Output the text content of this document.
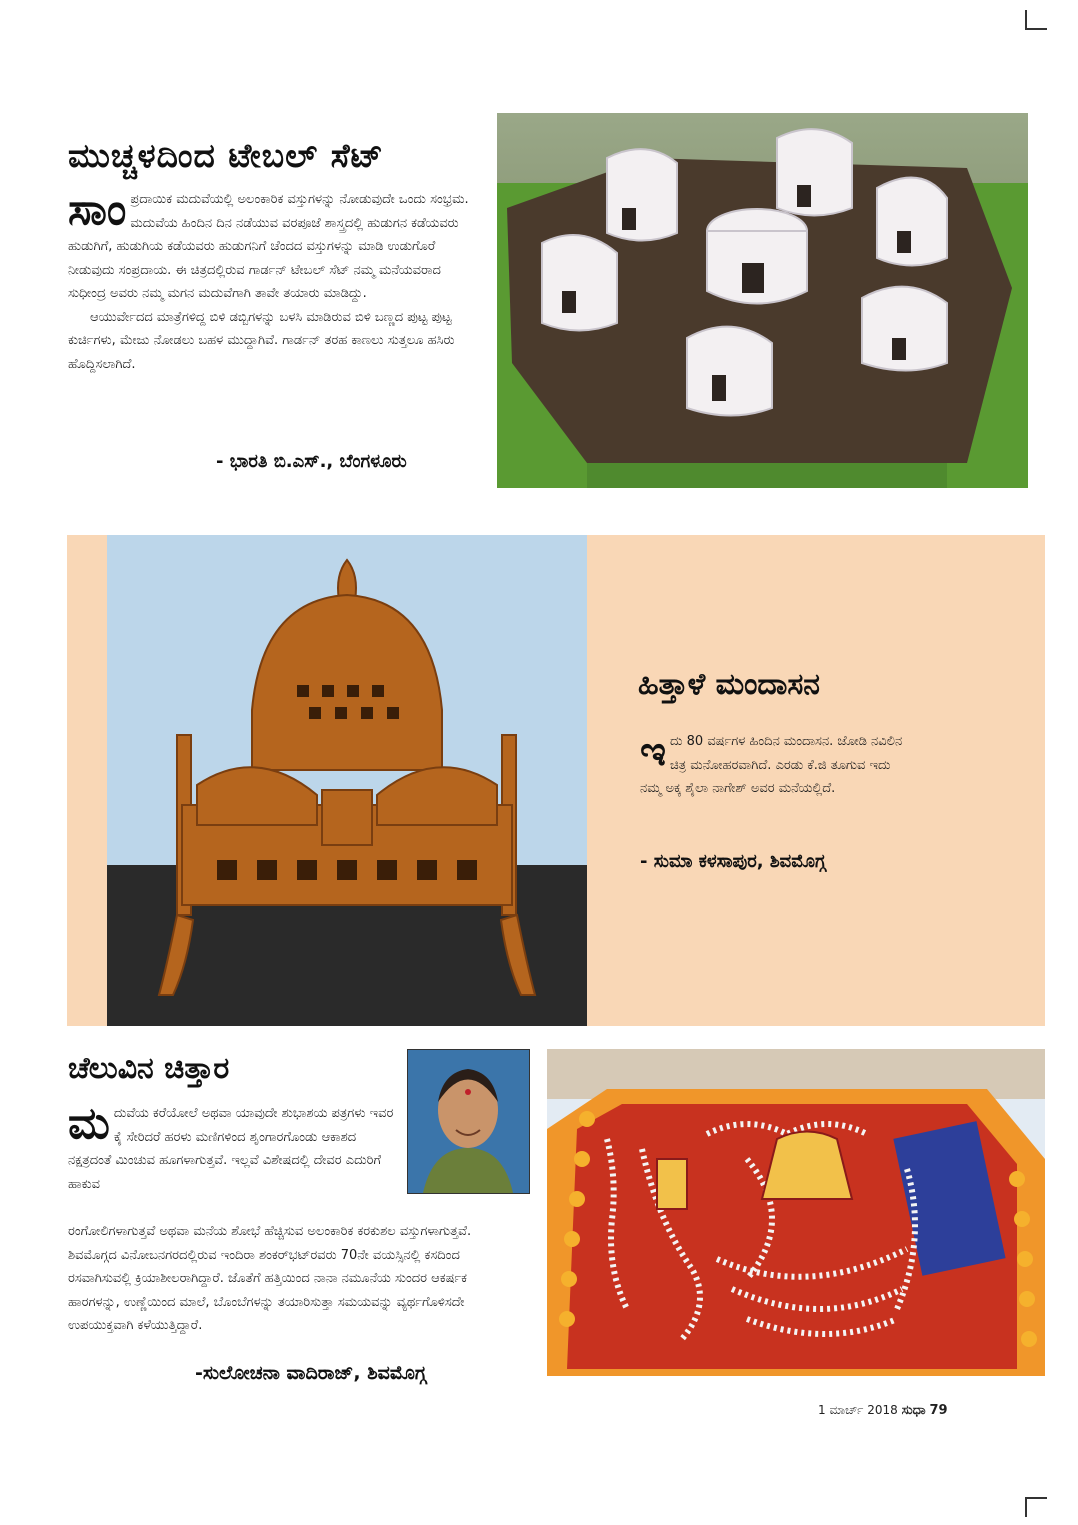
ಮುಚ್ಚಳದಿಂದ ಟೇಬಲ್ ಸೆಟ್

ಸಾಂಪ್ರದಾಯಿಕ ಮದುವೆಯಲ್ಲಿ ಅಲಂಕಾರಿಕ ವಸ್ತುಗಳನ್ನು ನೋಡುವುದೇ ಒಂದು ಸಂಭ್ರಮ. ಮದುವೆಯ ಹಿಂದಿನ ದಿನ ನಡೆಯುವ ವರಪೂಜೆ ಶಾಸ್ತ್ರದಲ್ಲಿ ಹುಡುಗನ ಕಡೆಯವರು ಹುಡುಗಿಗೆ, ಹುಡುಗಿಯ ಕಡೆಯವರು ಹುಡುಗನಿಗೆ ಚೆಂದದ ವಸ್ತುಗಳನ್ನು ಮಾಡಿ ಉಡುಗೊರೆ ನೀಡುವುದು ಸಂಪ್ರದಾಯ. ಈ ಚಿತ್ರದಲ್ಲಿರುವ ಗಾರ್ಡನ್ ಟೇಬಲ್ ಸೆಟ್ ನಮ್ಮ ಮನೆಯವರಾದ ಸುಧೀಂದ್ರ ಅವರು ನಮ್ಮ ಮಗನ ಮದುವೆಗಾಗಿ ತಾವೇ ತಯಾರು ಮಾಡಿದ್ದು.

ಆಯುರ್ವೇದದ ಮಾತ್ರೆಗಳಿದ್ದ ಬಿಳಿ ಡಬ್ಬಿಗಳನ್ನು ಬಳಸಿ ಮಾಡಿರುವ ಬಿಳಿ ಬಣ್ಣದ ಪುಟ್ಟ ಪುಟ್ಟ ಕುರ್ಚಿಗಳು, ಮೇಜು ನೋಡಲು ಬಹಳ ಮುದ್ದಾಗಿವೆ. ಗಾರ್ಡನ್ ತರಹ ಕಾಣಲು ಸುತ್ತಲೂ ಹಸಿರು ಹೊದ್ದಿಸಲಾಗಿದೆ.

- ಭಾರತಿ ಬಿ.ಎಸ್., ಬೆಂಗಳೂರು
ಹಿತ್ತಾಳೆ ಮಂದಾಸನ

ಇದು 80 ವರ್ಷಗಳ ಹಿಂದಿನ ಮಂದಾಸನ. ಜೋಡಿ ನವಿಲಿನ ಚಿತ್ರ ಮನೋಹರವಾಗಿದೆ. ಎರಡು ಕೆ.ಜಿ ತೂಗುವ ಇದು ನಮ್ಮ ಅಕ್ಕ ಶೈಲಾ ನಾಗೇಶ್ ಅವರ ಮನೆಯಲ್ಲಿದೆ.

- ಸುಮಾ ಕಳಸಾಪುರ, ಶಿವಮೊಗ್ಗ
ಚೆಲುವಿನ ಚಿತ್ತಾರ

ಮದುವೆಯ ಕರೆಯೋಲೆ ಅಥವಾ ಯಾವುದೇ ಶುಭಾಶಯ ಪತ್ರಗಳು ಇವರ ಕೈ ಸೇರಿದರೆ ಹರಳು ಮಣಿಗಳಿಂದ ಶೃಂಗಾರಗೊಂಡು ಆಕಾಶದ ನಕ್ಷತ್ರದಂತೆ ಮಿಂಚುವ ಹೂಗಳಾಗುತ್ತವೆ. ಇಲ್ಲವೆ ವಿಶೇಷದಲ್ಲಿ ದೇವರ ಎದುರಿಗೆ ಹಾಕುವ

ರಂಗೋಲಿಗಳಾಗುತ್ತವೆ ಅಥವಾ ಮನೆಯ ಶೋಭೆ ಹೆಚ್ಚಿಸುವ ಅಲಂಕಾರಿಕ ಕರಕುಶಲ ವಸ್ತುಗಳಾಗುತ್ತವೆ. ಶಿವಮೊಗ್ಗದ ವಿನೋಬನಗರದಲ್ಲಿರುವ ಇಂದಿರಾ ಶಂಕರ್‌ಭಟ್‌ರವರು 70ನೇ ವಯಸ್ಸಿನಲ್ಲಿ ಕಸದಿಂದ ರಸವಾಗಿಸುವಲ್ಲಿ ಕ್ರಿಯಾಶೀಲರಾಗಿದ್ದಾರೆ. ಜೊತೆಗೆ ಹತ್ತಿಯಿಂದ ನಾನಾ ನಮೂನೆಯ ಸುಂದರ ಆಕರ್ಷಕ ಹಾರಗಳನ್ನು, ಉಣ್ಣೆಯಿಂದ ಮಾಲೆ, ಬೊಂಬೆಗಳನ್ನು ತಯಾರಿಸುತ್ತಾ ಸಮಯವನ್ನು ವ್ಯರ್ಥಗೊಳಿಸದೇ ಉಪಯುಕ್ತವಾಗಿ ಕಳೆಯುತ್ತಿದ್ದಾರೆ.

-ಸುಲೋಚನಾ ವಾದಿರಾಜ್, ಶಿವಮೊಗ್ಗ
1 ಮಾರ್ಚ್ 2018 ಸುಧಾ 79
